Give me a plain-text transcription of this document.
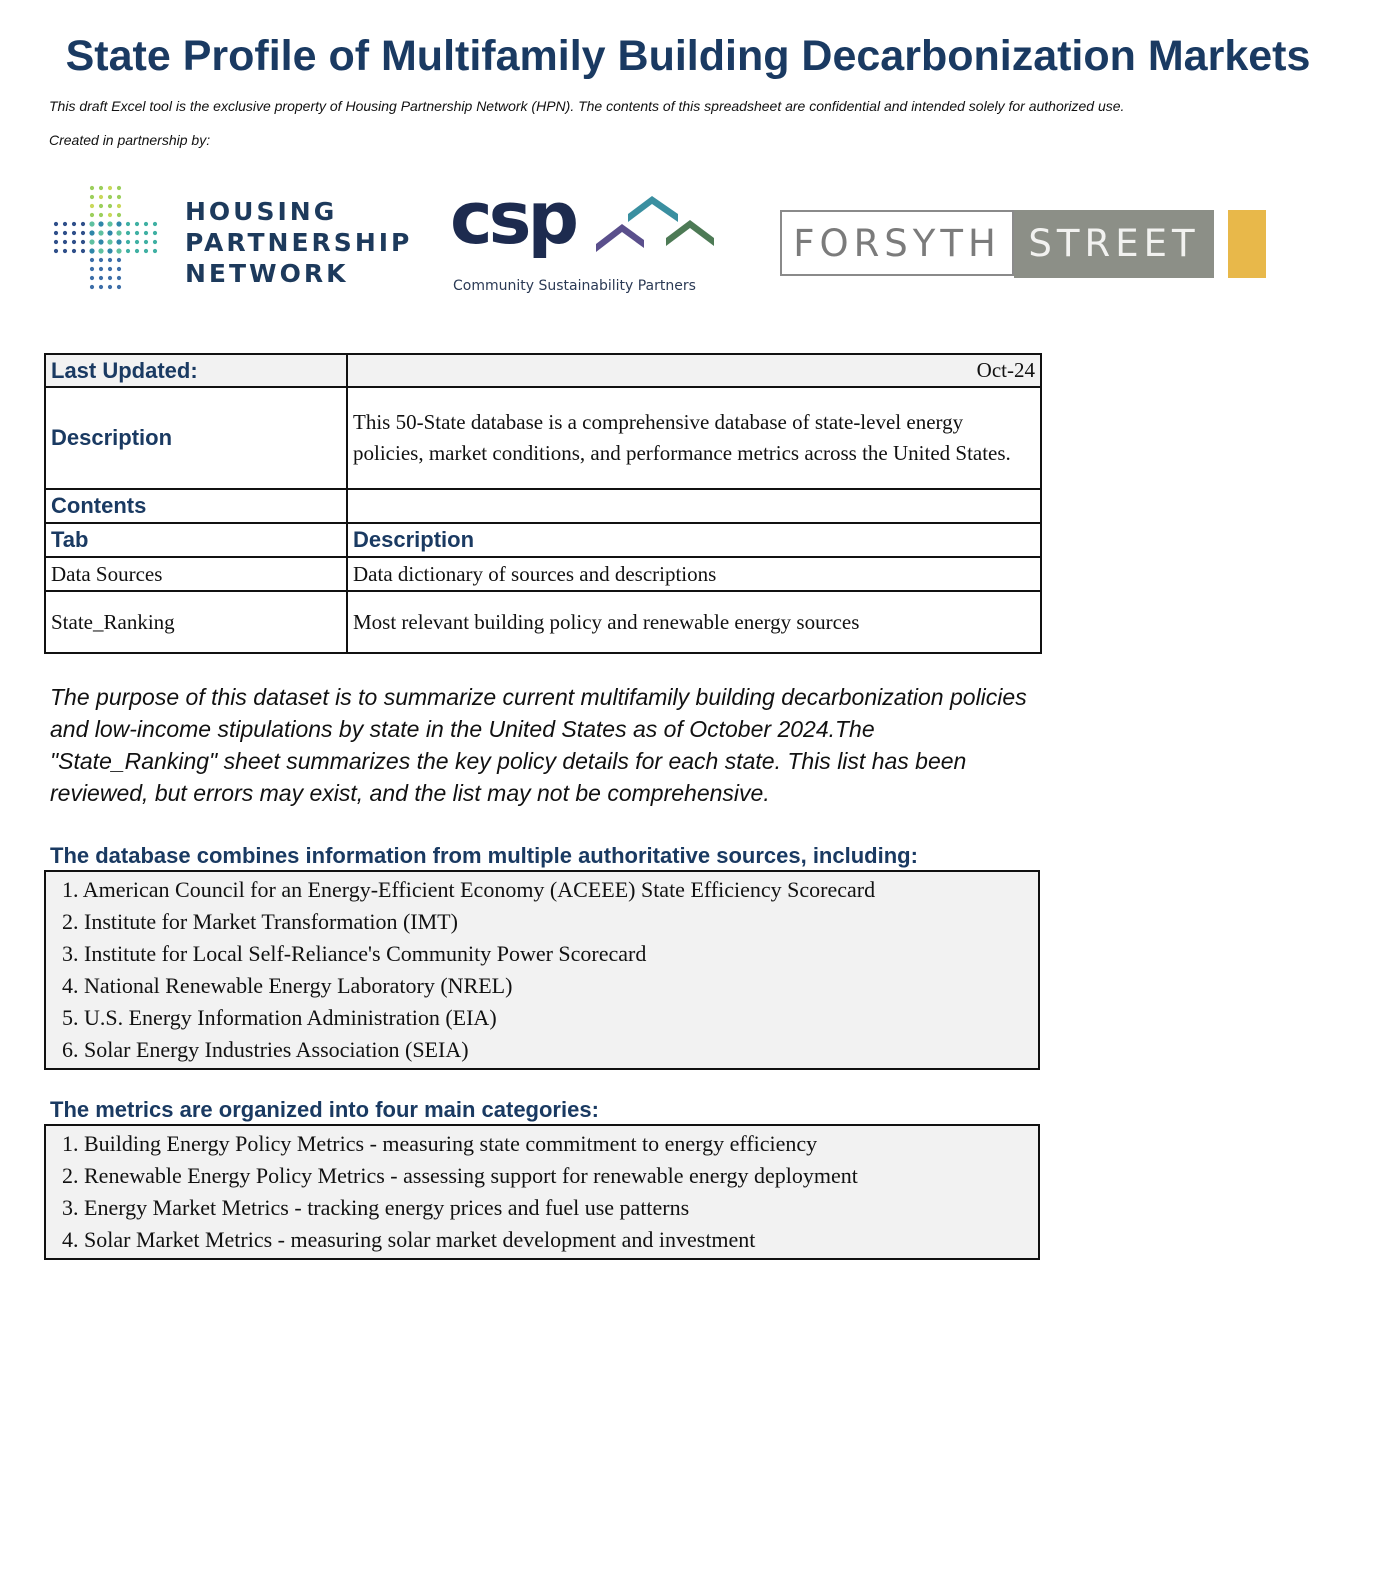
State Profile of Multifamily Building Decarbonization Markets
This draft Excel tool is the exclusive property of Housing Partnership Network (HPN). The contents of this spreadsheet are confidential and intended solely for authorized use.
Created in partnership by:
HOUSING
PARTNERSHIP
NETWORK
csp
Community Sustainability Partners
FORSYTH STREET
Last Updated:	Oct-24
Description	This 50-State database is a comprehensive database of state-level energy policies, market conditions, and performance metrics across the United States.
Contents	
Tab	Description
Data Sources	Data dictionary of sources and descriptions
State_Ranking	Most relevant building policy and renewable energy sources
The purpose of this dataset is to summarize current multifamily building decarbonization policies and low-income stipulations by state in the United States as of October 2024.The "State_Ranking" sheet summarizes the key policy details for each state. This list has been reviewed, but errors may exist, and the list may not be comprehensive.
The database combines information from multiple authoritative sources, including:
1. American Council for an Energy-Efficient Economy (ACEEE) State Efficiency Scorecard
2. Institute for Market Transformation (IMT)
3. Institute for Local Self-Reliance's Community Power Scorecard
4. National Renewable Energy Laboratory (NREL)
5. U.S. Energy Information Administration (EIA)
6. Solar Energy Industries Association (SEIA)
The metrics are organized into four main categories:
1. Building Energy Policy Metrics - measuring state commitment to energy efficiency
2. Renewable Energy Policy Metrics - assessing support for renewable energy deployment
3. Energy Market Metrics - tracking energy prices and fuel use patterns
4. Solar Market Metrics - measuring solar market development and investment
